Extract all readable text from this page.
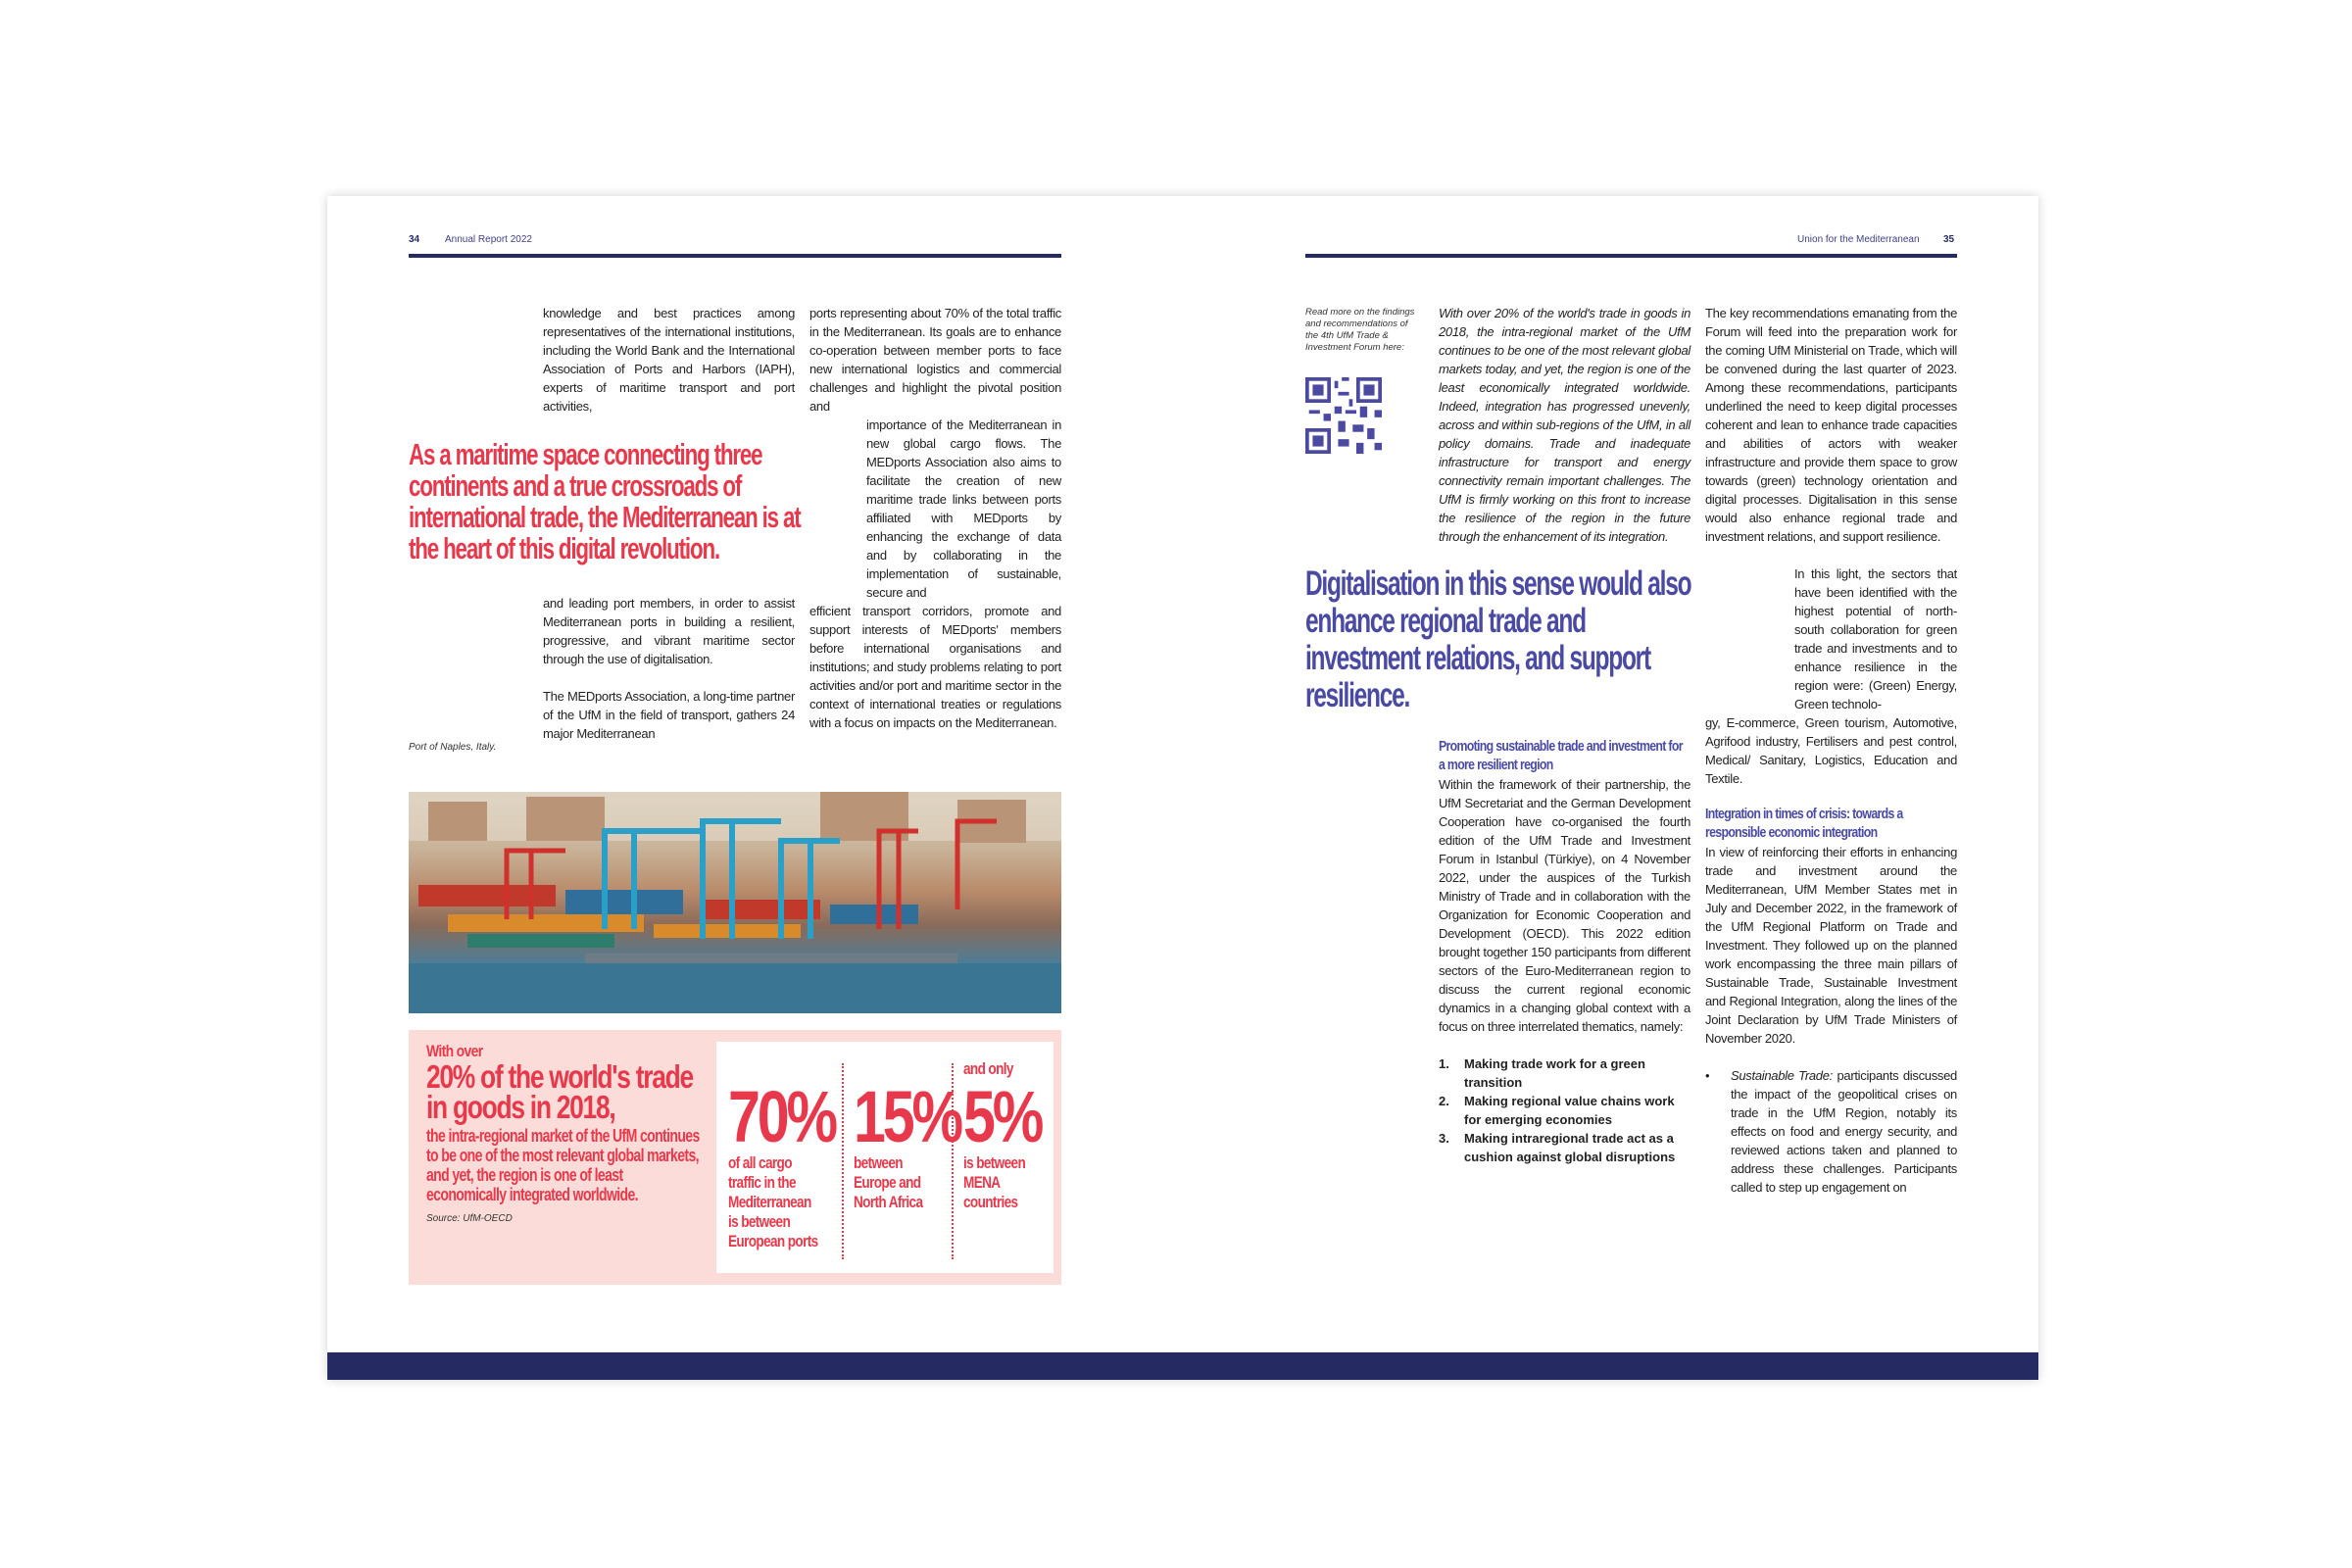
34	Annual Report 2022
knowledge and best practices among representatives of the international institutions, including the World Bank and the International Association of Ports and Harbors (IAPH), experts of maritime transport and port activities,
As a maritime space connecting three continents and a true crossroads of international trade, the Mediterranean is at the heart of this digital revolution.
and leading port members, in order to assist Mediterranean ports in building a resilient, progressive, and vibrant maritime sector through the use of digitalisation.
The MEDports Association, a long-time partner of the UfM in the field of transport, gathers 24 major Mediterranean
ports representing about 70% of the total traffic in the Mediterranean. Its goals are to enhance co-operation between member ports to face new international logistics and commercial challenges and highlight the pivotal position and
importance of the Mediterranean in new global cargo flows. The MEDports Association also aims to facilitate the creation of new maritime trade links between ports affiliated with MEDports by enhancing the exchange of data and by collaborating in the implementation of sustainable, secure and
efficient transport corridors, promote and support interests of MEDports' members before international organisations and institutions; and study problems relating to port activities and/or port and maritime sector in the context of international treaties or regulations with a focus on impacts on the Mediterranean.
Port of Naples, Italy.
With over
20% of the world's trade in goods in 2018,
the intra-regional market of the UfM continues to be one of the most relevant global markets, and yet, the region is one of least economically integrated worldwide.
Source: UfM-OECD
70%
of all cargo traffic in the Mediterranean is between European ports
15%
between Europe and North Africa
and only
5%
is between MENA countries
Union for the Mediterranean 35
Read more on the findings and recommendations of the 4th UfM Trade & Investment Forum here:
With over 20% of the world's trade in goods in 2018, the intra-regional market of the UfM continues to be one of the most relevant global markets today, and yet, the region is one of the least economically integrated worldwide. Indeed, integration has progressed unevenly, across and within sub-regions of the UfM, in all policy domains. Trade and inadequate infrastructure for transport and energy connectivity remain important challenges. The UfM is firmly working on this front to increase the resilience of the region in the future through the enhancement of its integration.
Digitalisation in this sense would also enhance regional trade and investment relations, and support resilience.
Promoting sustainable trade and investment for a more resilient region
Within the framework of their partnership, the UfM Secretariat and the German Development Cooperation have co-organised the fourth edition of the UfM Trade and Investment Forum in Istanbul (Türkiye), on 4 November 2022, under the auspices of the Turkish Ministry of Trade and in collaboration with the Organization for Economic Cooperation and Development (OECD). This 2022 edition brought together 150 participants from different sectors of the Euro-Mediterranean region to discuss the current regional economic dynamics in a changing global context with a focus on three interrelated thematics, namely:
1. Making trade work for a green transition
2. Making regional value chains work for emerging economies
3. Making intraregional trade act as a cushion against global disruptions
The key recommendations emanating from the Forum will feed into the preparation work for the coming UfM Ministerial on Trade, which will be convened during the last quarter of 2023. Among these recommendations, participants underlined the need to keep digital processes coherent and lean to enhance trade capacities and abilities of actors with weaker infrastructure and provide them space to grow towards (green) technology orientation and digital processes. Digitalisation in this sense would also enhance regional trade and investment relations, and support resilience.
In this light, the sectors that have been identified with the highest potential of north-south collaboration for green trade and investments and to enhance resilience in the region were: (Green) Energy, Green technolo-
gy, E-commerce, Green tourism, Automotive, Agrifood industry, Fertilisers and pest control, Medical/ Sanitary, Logistics, Education and Textile.
Integration in times of crisis: towards a responsible economic integration
In view of reinforcing their efforts in enhancing trade and investment around the Mediterranean, UfM Member States met in July and December 2022, in the framework of the UfM Regional Platform on Trade and Investment. They followed up on the planned work encompassing the three main pillars of Sustainable Trade, Sustainable Investment and Regional Integration, along the lines of the Joint Declaration by UfM Trade Ministers of November 2020.
•	Sustainable Trade: participants discussed the impact of the geopolitical crises on trade in the UfM Region, notably its effects on food and energy security, and reviewed actions taken and planned to address these challenges. Participants called to step up engagement on
